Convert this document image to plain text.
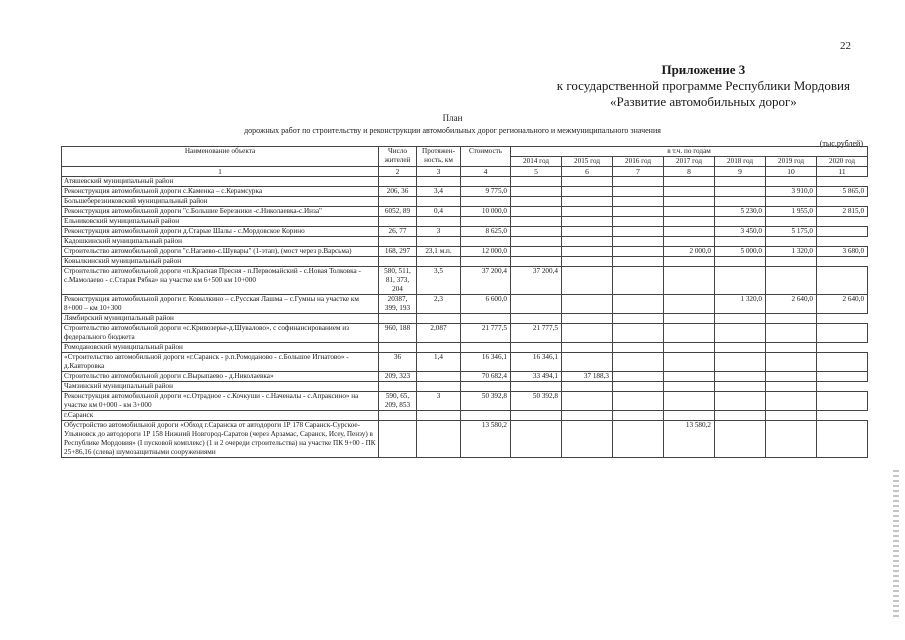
22
Приложение 3
к государственной программе Республики Мордовия
«Развитие автомобильных дорог»
План
дорожных работ по строительству и реконструкции автомобильных дорог регионального и межмуниципального значения
(тыс.рублей)
Наименование объекта	Число жителей	Протяжен-ность, км	Стоимость	в т.ч. по годам						
				2014 год	2015 год	2016 год	2017 год	2018 год	2019 год	2020 год
1	2	3	4	5	6	7	8	9	10	11
Атяшевский муниципальный район										
Реконструкция автомобильной дороги с.Каменка – с.Керамсурка	206, 36	3,4	9 775,0						3 910,0	5 865,0
Большеберезниковский муниципальный район										
Реконструкция автомобильной дороги "с.Большие Березники -с.Николаевка-с.Инза"	6052, 89	0,4	10 000,0					5 230,0	1 955,0	2 815,0
Ельниковский муниципальный район										
Реконструкция автомобильной дороги д.Старые Шалы - с.Мордовское Корино	26, 77	3	8 625,0					3 450,0	5 175,0	
Кадошкинский муниципальный район										
Строительство автомобильной дороги "с.Нагаево-с.Шувары" (1-этап), (мост через р.Варсьма)	168, 297	23,1 м.п.	12 000,0				2 000,0	5 000,0	1 320,0	3 680,0
Ковылкинский муниципальный район										
Строительство автомобильной дороги «п.Красная Пресня - п.Первомайский - с.Новая Толковка - с.Мамолаево - с.Старая Рябка» на участке км 6+500 км 10+000	580, 511, 81, 373, 204	3,5	37 200,4	37 200,4						
Реконструкция автомобильной дороги г. Ковылкино – с.Русская Лашма – с.Гумны на участке км 8+000 – км 10+300	20387, 399, 193	2,3	6 600,0					1 320,0	2 640,0	2 640,0
Лямбирский муниципальный район										
Строительство автомобильной дороги «с.Кривозерье-д.Шувалово», с софинансированием из федерального бюджета	960, 188	2,087	21 777,5	21 777,5						
Ромодановский муниципальный район										
«Строительство автомобильной дороги «г.Саранск - р.п.Ромоданово - с.Большое Игнатово» - д.Кавторовка	36	1,4	16 346,1	16 346,1						
Строительство автомобильной дороги с.Вырыпаево - д.Николаевка»	209, 323		70 682,4	33 494,1	37 188,3					
Чамзинский муниципальный район										
Реконструкция автомобильной дороги «с.Отрадное - с.Кочкуши - с.Наченалы - с.Апраксино» на участке км 0+000 - км 3+000	590, 65, 209, 853	3	50 392,8	50 392,8						
г.Саранск										
Обустройство автомобильной дороги «Обход г.Саранска от автодороги 1Р 178 Саранск-Сурское-Ульяновск до автодороги 1Р 158 Нижний Новгород-Саратов (через Арзамас, Саранск, Исеу, Пензу) в Республике Мордовия» (I пусковой комплекс) (1 и 2 очереди строительства) на участке ПК 9+00 - ПК 25+86,16 (слева) шумозащитными сооружениями			13 580,2				13 580,2			
